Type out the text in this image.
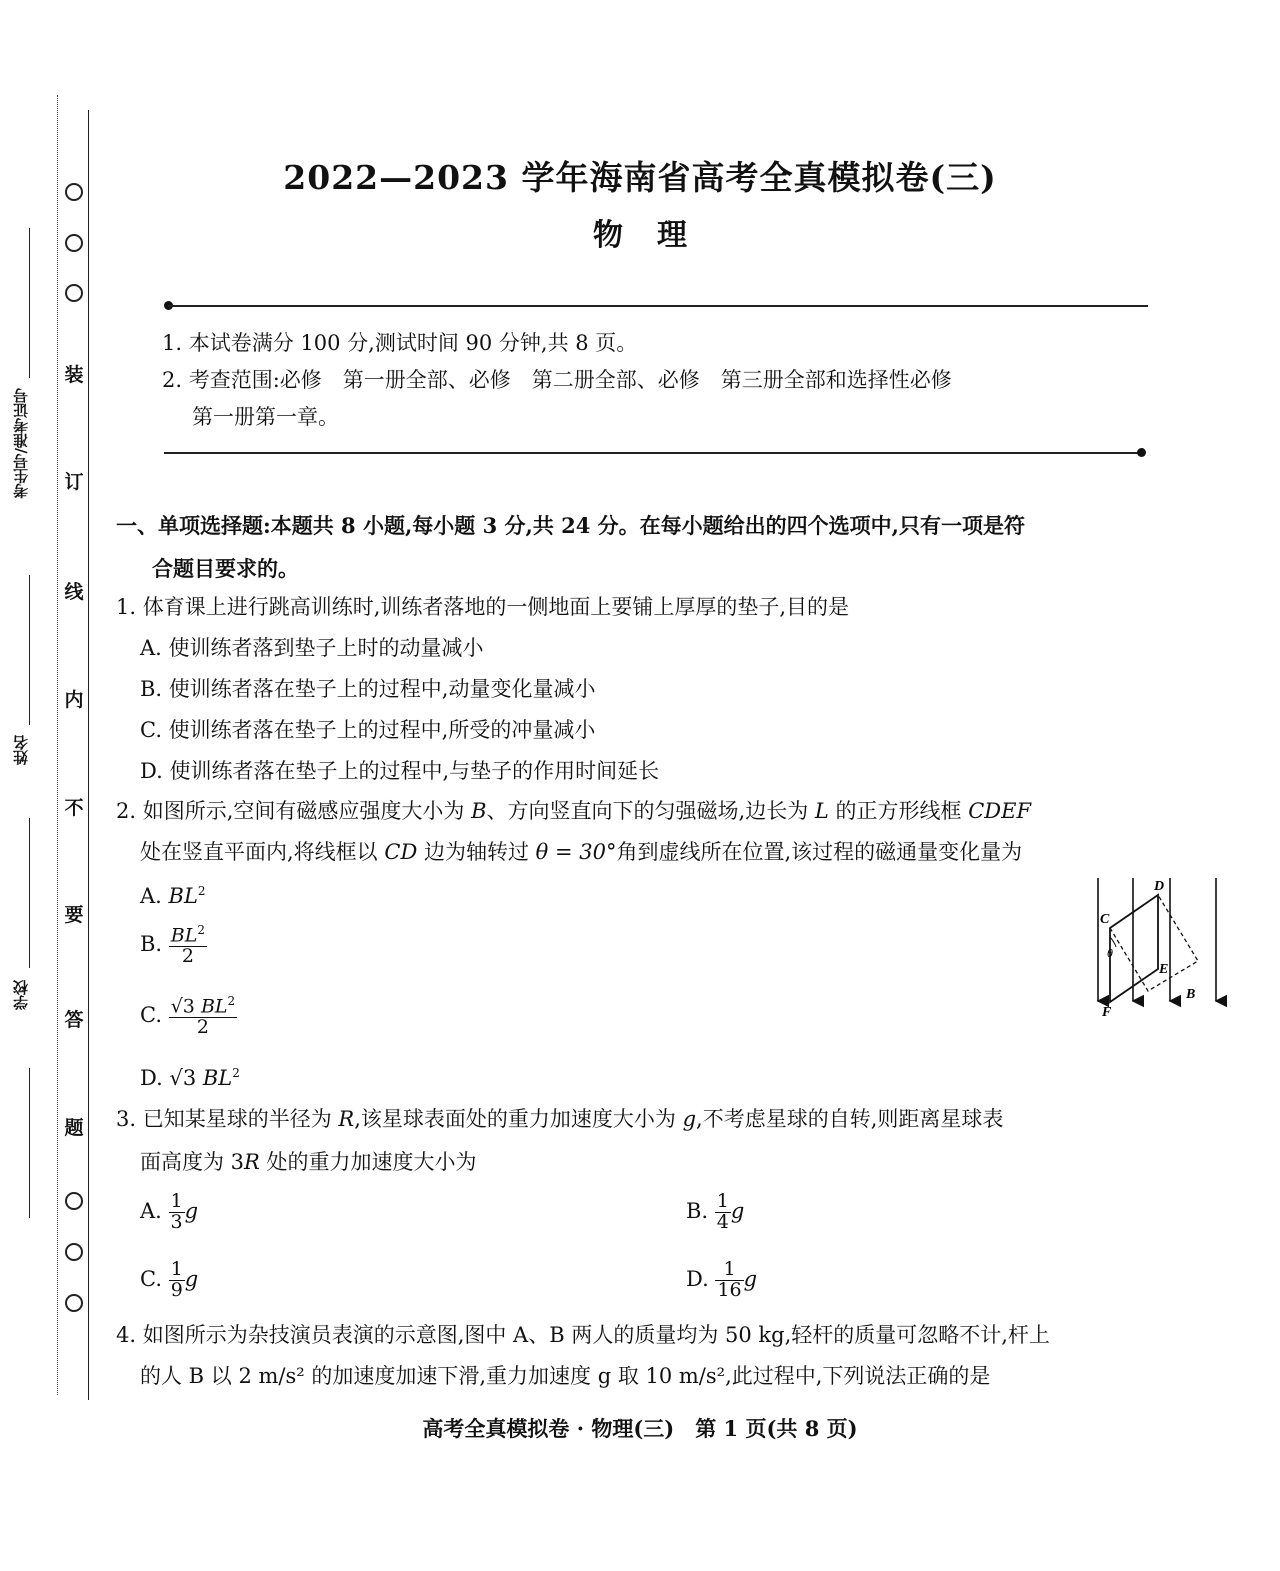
装
订
线
内
不
要
答
题
考生号/准考证号
姓名
学校
2022—2023 学年海南省高考全真模拟卷(三)
物理
1. 本试卷满分 100 分,测试时间 90 分钟,共 8 页。
2. 考查范围:必修　第一册全部、必修　第二册全部、必修　第三册全部和选择性必修
第一册第一章。
一、单项选择题:本题共 8 小题,每小题 3 分,共 24 分。在每小题给出的四个选项中,只有一项是符
合题目要求的。
1. 体育课上进行跳高训练时,训练者落地的一侧地面上要铺上厚厚的垫子,目的是
A. 使训练者落到垫子上时的动量减小
B. 使训练者落在垫子上的过程中,动量变化量减小
C. 使训练者落在垫子上的过程中,所受的冲量减小
D. 使训练者落在垫子上的过程中,与垫子的作用时间延长
2. 如图所示,空间有磁感应强度大小为 B、方向竖直向下的匀强磁场,边长为 L 的正方形线框 CDEF
处在竖直平面内,将线框以 CD 边为轴转过 θ = 30°角到虚线所在位置,该过程的磁通量变化量为
A. $BL^2$
B. $\frac{BL^2}{2}$
C. $\frac{√3 BL^2}{2}$
D. √3 $BL^2$
C
D
E
F
B
θ
3. 已知某星球的半径为 R,该星球表面处的重力加速度大小为 g,不考虑星球的自转,则距离星球表
面高度为 3R 处的重力加速度大小为
A. $\frac{1}{3}$ g	B. $\frac{1}{4}$ g
C. $\frac{1}{9}$ g	D. $\frac{1}{16}$ g
4. 如图所示为杂技演员表演的示意图,图中 A、B 两人的质量均为 50 kg,轻杆的质量可忽略不计,杆上
的人 B 以 2 m/s² 的加速度加速下滑,重力加速度 g 取 10 m/s²,此过程中,下列说法正确的是
高考全真模拟卷 · 物理(三)　第 1 页(共 8 页)
